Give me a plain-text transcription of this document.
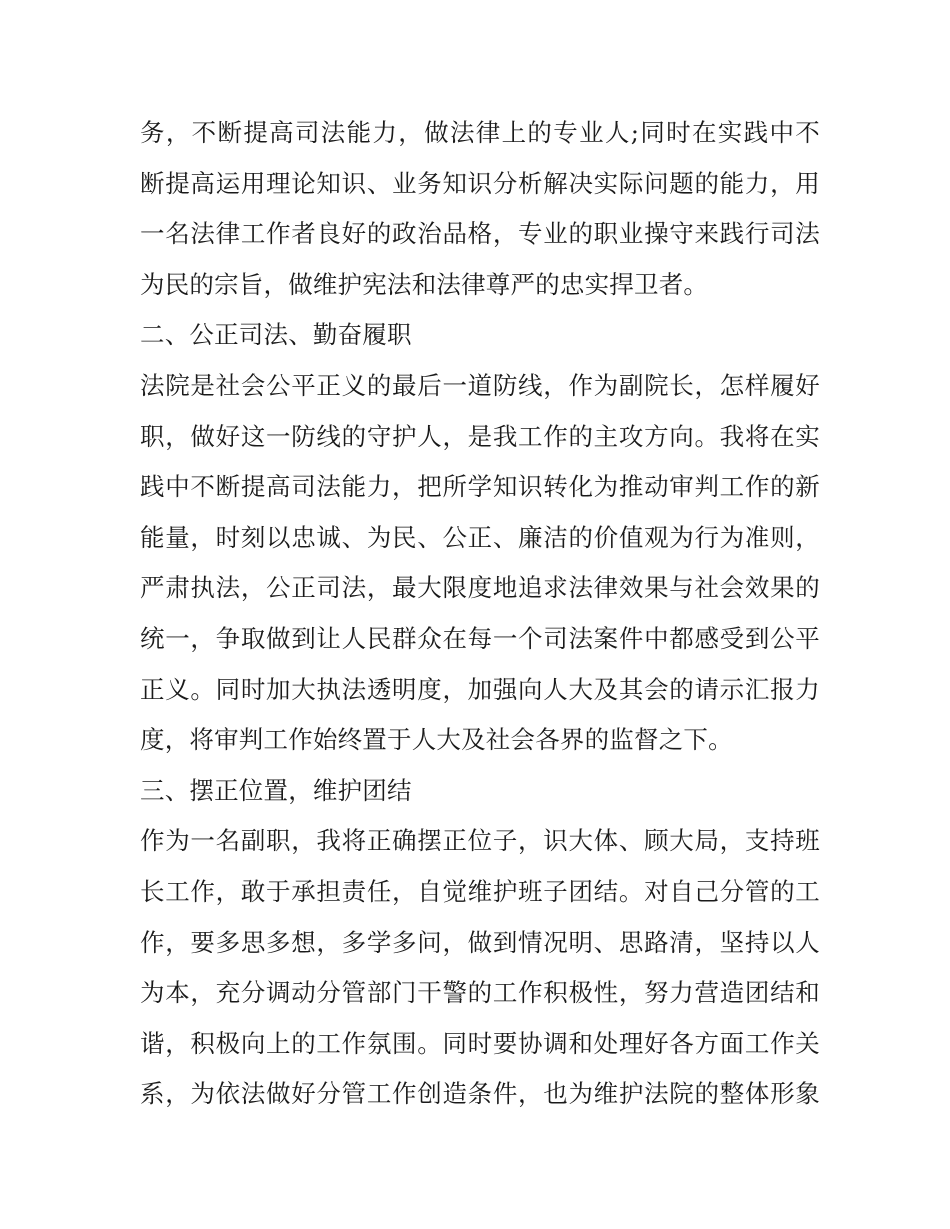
务，不断提高司法能力，做法律上的专业人;同时在实践中不
断提高运用理论知识、业务知识分析解决实际问题的能力，用
一名法律工作者良好的政治品格，专业的职业操守来践行司法
为民的宗旨，做维护宪法和法律尊严的忠实捍卫者。
二、公正司法、勤奋履职
法院是社会公平正义的最后一道防线，作为副院长，怎样履好
职，做好这一防线的守护人，是我工作的主攻方向。我将在实
践中不断提高司法能力，把所学知识转化为推动审判工作的新
能量，时刻以忠诚、为民、公正、廉洁的价值观为行为准则，
严肃执法，公正司法，最大限度地追求法律效果与社会效果的
统一，争取做到让人民群众在每一个司法案件中都感受到公平
正义。同时加大执法透明度，加强向人大及其会的请示汇报力
度，将审判工作始终置于人大及社会各界的监督之下。
三、摆正位置，维护团结
作为一名副职，我将正确摆正位子，识大体、顾大局，支持班
长工作，敢于承担责任，自觉维护班子团结。对自己分管的工
作，要多思多想，多学多问，做到情况明、思路清，坚持以人
为本，充分调动分管部门干警的工作积极性，努力营造团结和
谐，积极向上的工作氛围。同时要协调和处理好各方面工作关
系，为依法做好分管工作创造条件，也为维护法院的整体形象
